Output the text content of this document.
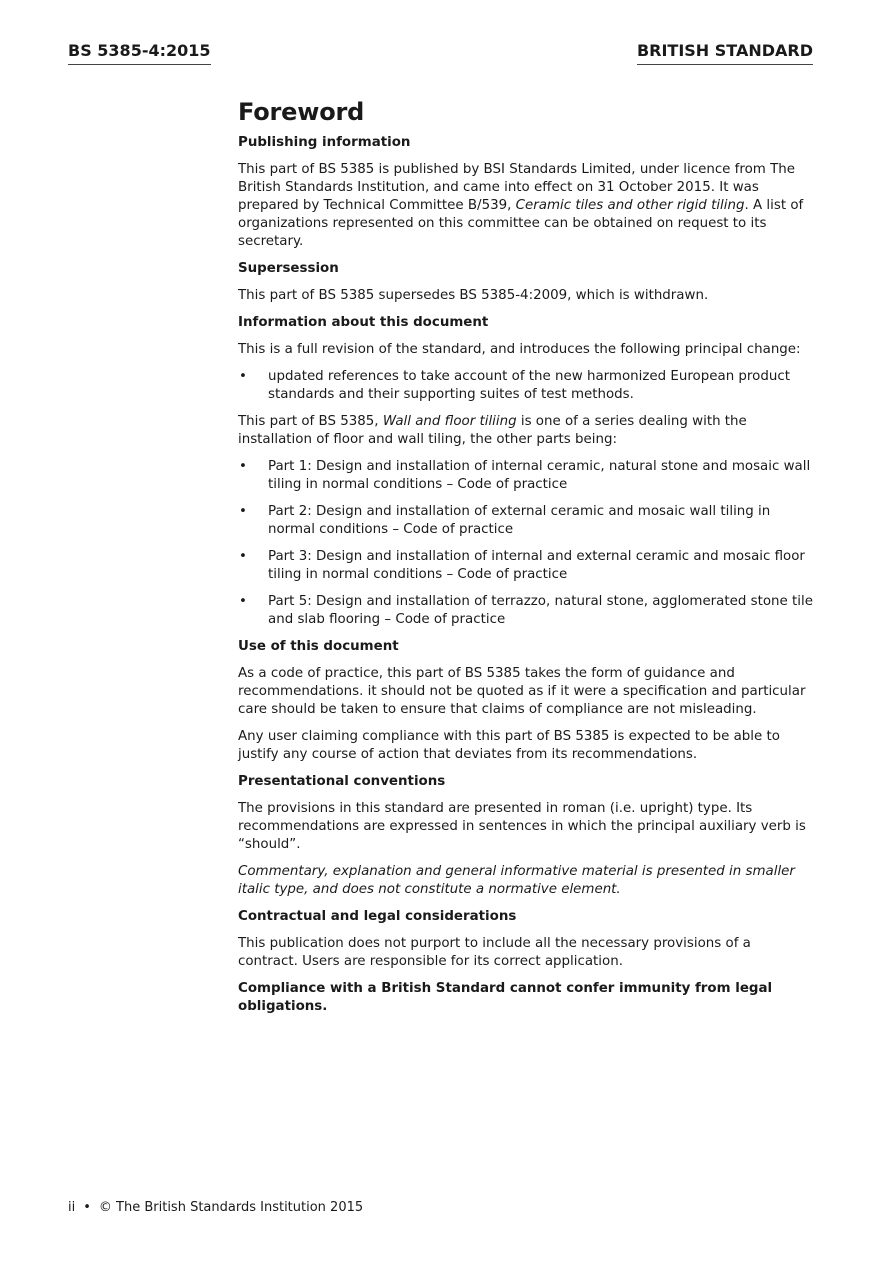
BS 5385-4:2015	BRITISH STANDARD
Foreword
Publishing information

This part of BS 5385 is published by BSI Standards Limited, under licence from The British Standards Institution, and came into effect on 31 October 2015. It was prepared by Technical Committee B/539, Ceramic tiles and other rigid tiling. A list of organizations represented on this committee can be obtained on request to its secretary.

Supersession

This part of BS 5385 supersedes BS 5385-4:2009, which is withdrawn.

Information about this document

This is a full revision of the standard, and introduces the following principal change:

• updated references to take account of the new harmonized European product standards and their supporting suites of test methods.

This part of BS 5385, Wall and floor tiliing is one of a series dealing with the installation of floor and wall tiling, the other parts being:

• Part 1: Design and installation of internal ceramic, natural stone and mosaic wall tiling in normal conditions – Code of practice
• Part 2: Design and installation of external ceramic and mosaic wall tiling in normal conditions – Code of practice
• Part 3: Design and installation of internal and external ceramic and mosaic floor tiling in normal conditions – Code of practice
• Part 5: Design and installation of terrazzo, natural stone, agglomerated stone tile and slab flooring – Code of practice
Use of this document

As a code of practice, this part of BS 5385 takes the form of guidance and recommendations. it should not be quoted as if it were a specification and particular care should be taken to ensure that claims of compliance are not misleading.

Any user claiming compliance with this part of BS 5385 is expected to be able to justify any course of action that deviates from its recommendations.

Presentational conventions

The provisions in this standard are presented in roman (i.e. upright) type. Its recommendations are expressed in sentences in which the principal auxiliary verb is “should”.

Commentary, explanation and general informative material is presented in smaller italic type, and does not constitute a normative element.

Contractual and legal considerations

This publication does not purport to include all the necessary provisions of a contract. Users are responsible for its correct application.

Compliance with a British Standard cannot confer immunity from legal obligations.

ii • © The British Standards Institution 2015
